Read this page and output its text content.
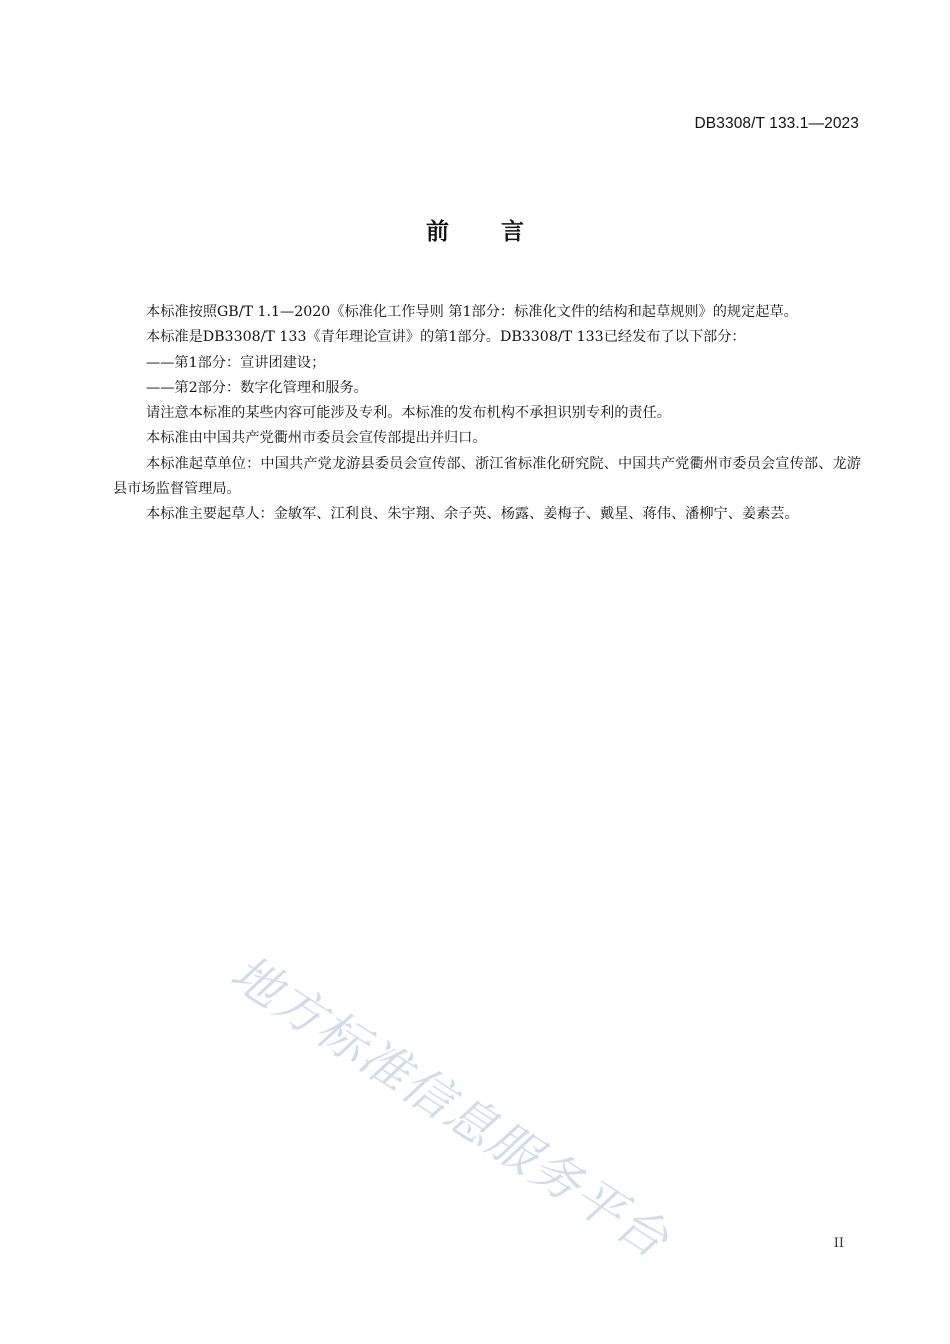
DB3308/T 133.1—2023
前 言

本标准按照GB/T 1.1—2020《标准化工作导则 第1部分：标准化文件的结构和起草规则》的规定起草。

本标准是DB3308/T 133《青年理论宣讲》的第1部分。DB3308/T 133已经发布了以下部分：

——第1部分：宣讲团建设；

——第2部分：数字化管理和服务。

请注意本标准的某些内容可能涉及专利。本标准的发布机构不承担识别专利的责任。

本标准由中国共产党衢州市委员会宣传部提出并归口。

本标准起草单位：中国共产党龙游县委员会宣传部、浙江省标准化研究院、中国共产党衢州市委员会宣传部、龙游县市场监督管理局。

本标准主要起草人：金敏军、江利良、朱宇翔、余子英、杨露、姜梅子、戴星、蒋伟、潘柳宁、姜素芸。

地方标准信息服务平台	II
